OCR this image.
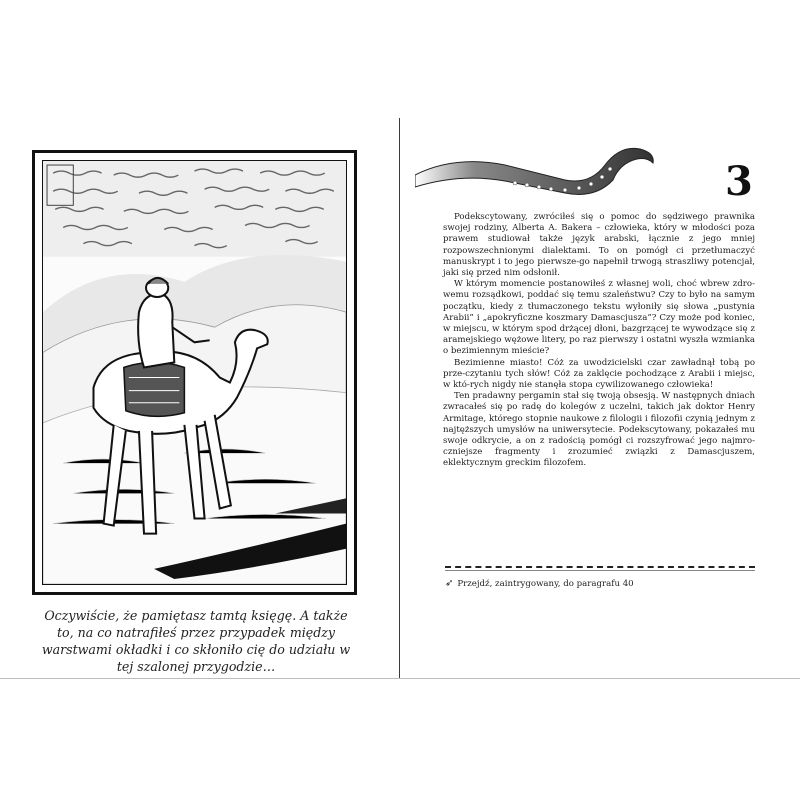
Oczywiście, że pamiętasz tamtą księgę. A także to, na co natrafiłeś przez przypadek między warstwami okładki i co skłoniło cię do udziału w tej szalonej przygodzie…
3

Podekscytowany, zwróciłeś się o pomoc do sędziwego prawnika swojej rodziny, Alberta A. Bakera – człowieka, który w młodości poza prawem studiował także język arabski, łącznie z jego mniej rozpowszechnionymi dialektami. To on pomógł ci przetłumaczyć manuskrypt i to jego pierwsze-go napełnił trwogą straszliwy potencjał, jaki się przed nim odsłonił.

W którym momencie postanowiłeś z własnej woli, choć wbrew zdro-wemu rozsądkowi, poddać się temu szaleństwu? Czy to było na samym początku, kiedy z tłumaczonego tekstu wyłoniły się słowa „pustynia Arabii” i „apokryficzne koszmary Damascjusza”? Czy może pod koniec, w miejscu, w którym spod drżącej dłoni, bazgrzącej te wywodzące się z aramejskiego wężowe litery, po raz pierwszy i ostatni wyszła wzmianka o bezimiennym mieście?

Bezimienne miasto! Cóż za uwodzicielski czar zawładnął tobą po prze-czytaniu tych słów! Cóż za zaklęcie pochodzące z Arabii i miejsc, w któ-rych nigdy nie stanęła stopa cywilizowanego człowieka!

Ten pradawny pergamin stał się twoją obsesją. W następnych dniach zwracałeś się po radę do kolegów z uczelni, takich jak doktor Henry Armitage, którego stopnie naukowe z filologii i filozofii czynią jednym z najtęższych umysłów na uniwersytecie. Podekscytowany, pokazałeś mu swoje odkrycie, a on z radością pomógł ci rozszyfrować jego najmro-czniejsze fragmenty i zrozumieć związki z Damascjuszem, eklektycznym greckim filozofem.

➶ Przejdź, zaintrygowany, do paragrafu 40
